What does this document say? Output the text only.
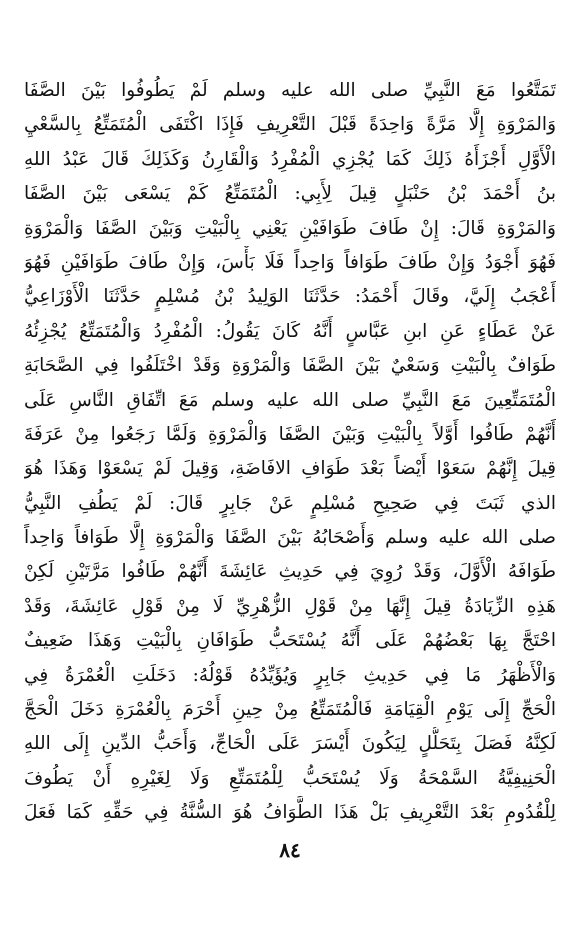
تَمَتَّعُوا مَعَ النَّبِيِّ صلى الله عليه وسلم لَمْ يَطُوفُوا بَيْنَ الصَّفَا
وَالمَرْوَةِ إِلَّا مَرَّةً وَاحِدَةً قَبْلَ التَّعْرِيفِ فَإِذَا اكْتَفَى الْمُتَمَتِّعُ بِالسَّعْيِ
الْأَوَّلِ أَجْزَأَهُ ذَلِكَ كَمَا يُجْزِي الْمُفْرِدُ وَالْقَارِنُ وَكَذَلِكَ قَالَ عَبْدُ اللهِ
بنُ أَحْمَدَ بْنُ حَنْبَلٍ قِيلَ لِأَبِي: الْمُتَمَتِّعُ كَمْ يَسْعَى بَيْنَ الصَّفَا
وَالمَرْوَةِ قَالَ: إِنْ طَافَ طَوَافَيْنِ يَعْنِي بِالْبَيْتِ وَبَيْنَ الصَّفَا وَالْمَرْوَةِ
فَهُوَ أَجْوَدُ وَإِنْ طَافَ طَوَافاً وَاحِداً فَلَا بَأْسَ، وَإِنْ طَافَ طَوَافَيْنِ فَهُوَ
أَعْجَبُ إِلَيَّ، وقَالَ أَحْمَدُ: حَدَّثَنَا الوَلِيدُ بْنُ مُسْلِمٍ حَدَّثَنَا الْأَوْزَاعِيُّ
عَنْ عَطَاءٍ عَنِ ابنِ عَبَّاسٍ أَنَّهُ كَانَ يَقُولُ: الْمُفْرِدُ وَالْمُتَمَتِّعُ يُجْزِئُهُ
طَوَافٌ بِالْبَيْتِ وَسَعْيٌ بَيْنَ الصَّفَا وَالْمَرْوَةِ وَقَدْ اخْتَلَفُوا فِي الصَّحَابَةِ
الْمُتَمَتِّعِينَ مَعَ النَّبِيِّ صلى الله عليه وسلم مَعَ اتِّفَاقِ النَّاسِ عَلَى
أَنَّهُمْ طَافُوا أَوَّلاً بِالْبَيْتِ وَبَيْنَ الصَّفَا وَالْمَرْوَةِ وَلَمَّا رَجَعُوا مِنْ عَرَفَةَ
قِيلَ إِنَّهُمْ سَعَوْا أَيْضاً بَعْدَ طَوَافِ الافَاضَةِ، وَقِيلَ لَمْ يَسْعَوْا وَهَذَا هُوَ
الذي ثَبَتَ فِي صَحِيحِ مُسْلِمٍ عَنْ جَابِرٍ قَالَ: لَمْ يَطُفِ النَّبِيُّ
صلى الله عليه وسلم وَأَصْحَابُهُ بَيْنَ الصَّفَا وَالْمَرْوَةِ إِلَّا طَوَافاً وَاحِداً
طَوَافَهُ الْأَوَّلَ، وَقَدْ رُوِيَ فِي حَدِيثِ عَائِشَةَ أَنَّهُمْ طَافُوا مَرَّتَيْنِ لَكِنْ
هَذِهِ الزِّيَادَةُ قِيلَ إِنَّهَا مِنْ قَوْلِ الزُّهْرِيِّ لَا مِنْ قَوْلِ عَائِشَةَ، وَقَدْ
احْتَجَّ بِهَا بَعْضُهُمْ عَلَى أَنَّهُ يُسْتَحَبُّ طَوَافَانِ بِالْبَيْتِ وَهَذَا ضَعِيفٌ
وَالْأَظْهَرُ مَا فِي حَدِيثِ جَابِرٍ وَيُؤَيِّدُهُ قَوْلُهُ: دَخَلَتِ الْعُمْرَةُ فِي
الْحَجِّ إِلَى يَوْمِ الْقِيَامَةِ فَالْمُتَمَتِّعُ مِنْ حِينِ أَحْرَمَ بِالْعُمْرَةِ دَخَلَ الْحَجَّ
لَكِنَّهُ فَصَلَ بِتَحَلُّلٍ لِيَكُونَ أَيْسَرَ عَلَى الْحَاجِّ، وَأَحَبُّ الدِّينِ إِلَى اللهِ
الْحَنِيفِيَّةُ السَّمْحَةُ وَلَا يُسْتَحَبُّ لِلْمُتَمَتِّعِ وَلَا لِغَيْرِهِ أَنْ يَطُوفَ
لِلْقُدُومِ بَعْدَ التَّعْرِيفِ بَلْ هَذَا الطَّوَافُ هُوَ السُّنَّةُ فِي حَقِّهِ كَمَا فَعَلَ
٨٤
